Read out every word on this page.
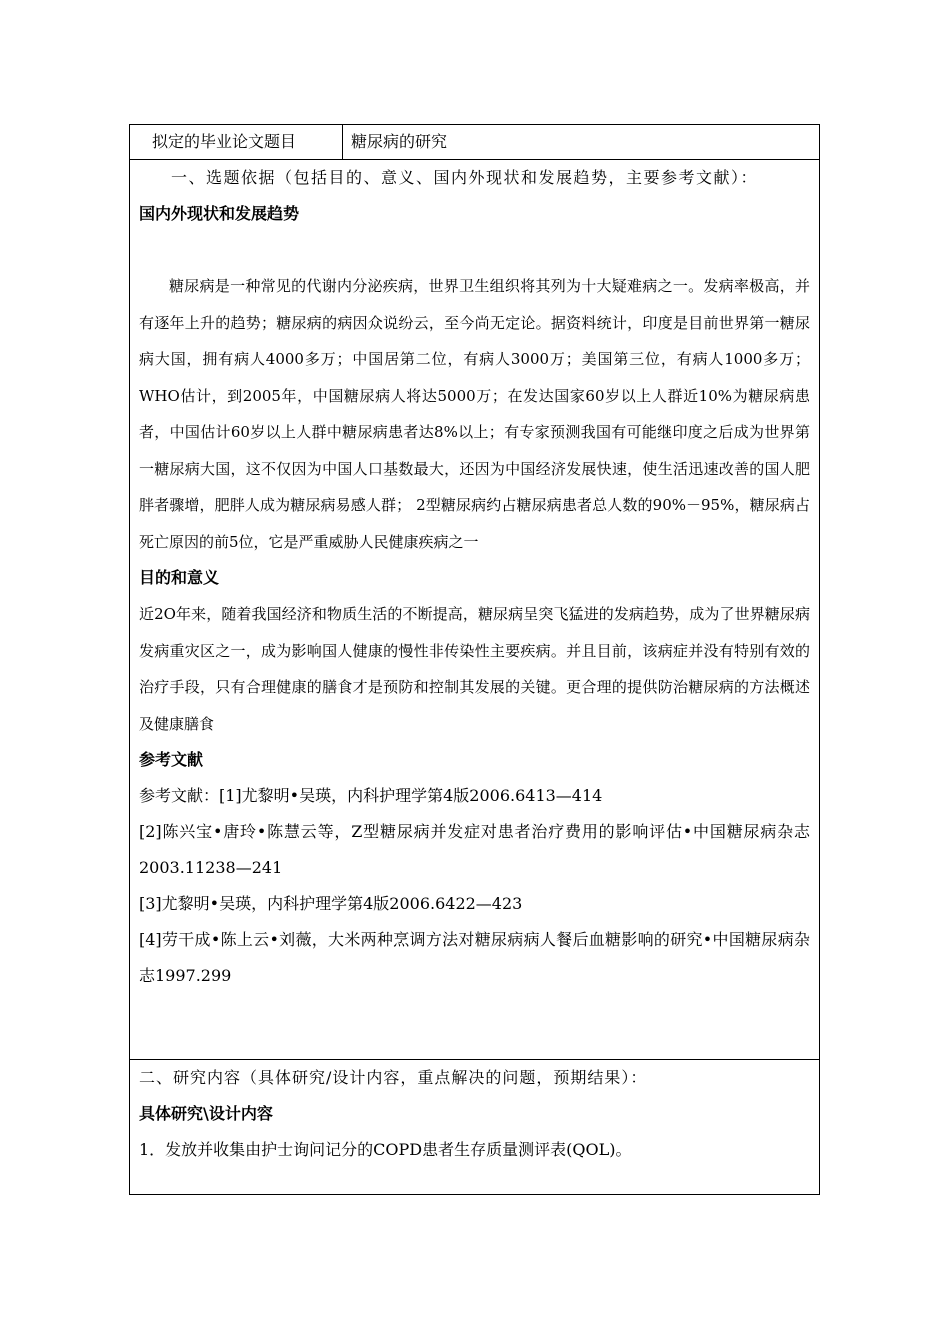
拟定的毕业论文题目	糖尿病的研究

一、选题依据（包括目的、意义、国内外现状和发展趋势，主要参考文献）：

国内外现状和发展趋势

糖尿病是一种常见的代谢内分泌疾病，世界卫生组织将其列为十大疑难病之一。发病率极高，并有逐年上升的趋势；糖尿病的病因众说纷云，至今尚无定论。据资料统计，印度是目前世界第一糖尿病大国，拥有病人4000多万；中国居第二位，有病人3000万；美国第三位，有病人1000多万；WHO估计，到2005年，中国糖尿病人将达5000万；在发达国家60岁以上人群近10%为糖尿病患者，中国估计60岁以上人群中糖尿病患者达8%以上；有专家预测我国有可能继印度之后成为世界第一糖尿病大国，这不仅因为中国人口基数最大，还因为中国经济发展快速，使生活迅速改善的国人肥胖者骤增，肥胖人成为糖尿病易感人群； 2型糖尿病约占糖尿病患者总人数的90%－95%，糖尿病占死亡原因的前5位，它是严重威胁人民健康疾病之一

目的和意义

近2O年来，随着我国经济和物质生活的不断提高，糖尿病呈突飞猛进的发病趋势，成为了世界糖尿病发病重灾区之一，成为影响国人健康的慢性非传染性主要疾病。并且目前，该病症并没有特别有效的治疗手段，只有合理健康的膳食才是预防和控制其发展的关键。更合理的提供防治糖尿病的方法概述及健康膳食

参考文献

参考文献：[1]尤黎明•吴瑛，内科护理学第4版2006.6413—414

[2]陈兴宝•唐玲•陈慧云等，Z型糖尿病并发症对患者治疗费用的影响评估•中国糖尿病杂志2003.11238—241

[3]尤黎明•吴瑛，内科护理学第4版2006.6422—423

[4]劳干成•陈上云•刘薇，大米两种烹调方法对糖尿病病人餐后血糖影响的研究•中国糖尿病杂志1997.299

二、研究内容（具体研究/设计内容，重点解决的问题，预期结果）：

具体研究\设计内容

1．发放并收集由护士询问记分的COPD患者生存质量测评表(QOL)。
